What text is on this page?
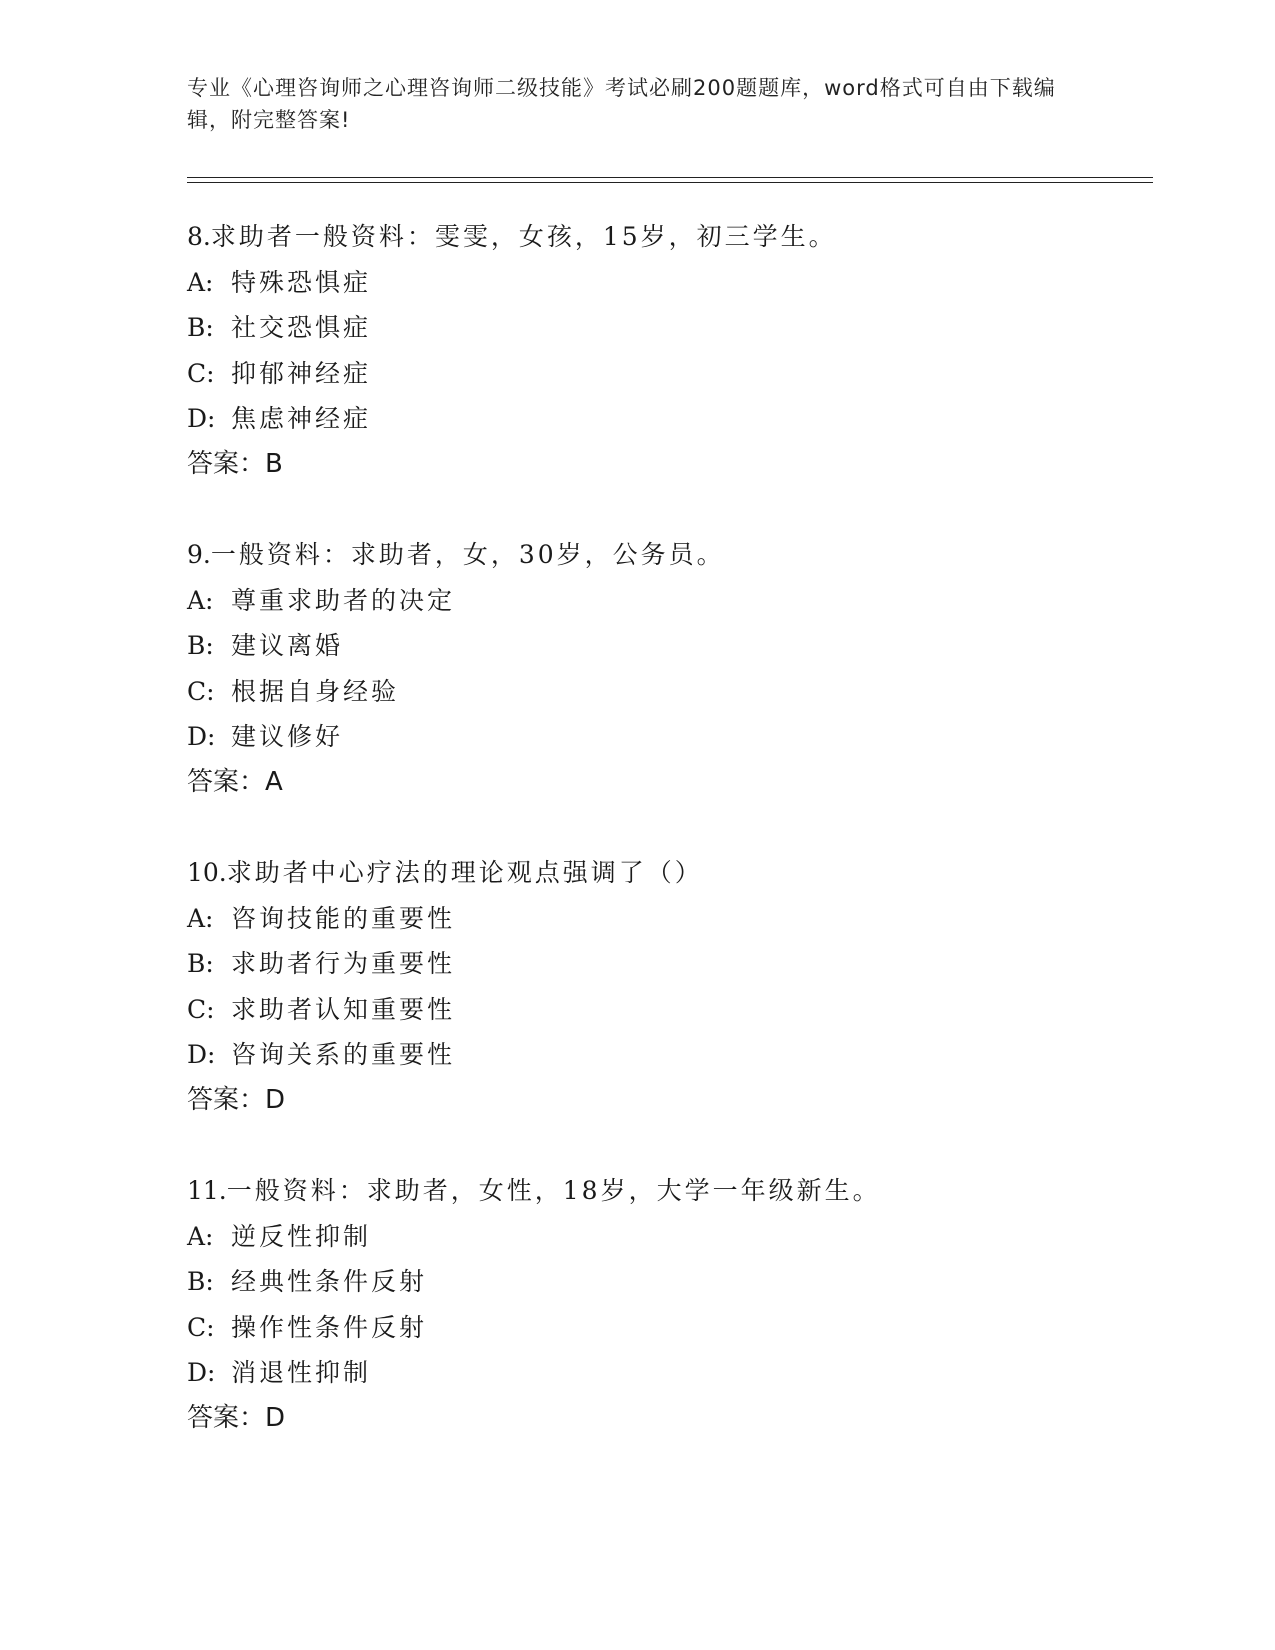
专业《心理咨询师之心理咨询师二级技能》考试必刷200题题库，word格式可自由下载编辑，附完整答案!
8.求助者一般资料：雯雯，女孩，15岁，初三学生。
A: 特殊恐惧症
B: 社交恐惧症
C: 抑郁神经症
D: 焦虑神经症
答案：B
9.一般资料：求助者，女，30岁，公务员。
A: 尊重求助者的决定
B: 建议离婚
C: 根据自身经验
D: 建议修好
答案：A
10.求助者中心疗法的理论观点强调了（）
A: 咨询技能的重要性
B: 求助者行为重要性
C: 求助者认知重要性
D: 咨询关系的重要性
答案：D
11.一般资料：求助者，女性，18岁，大学一年级新生。
A: 逆反性抑制
B: 经典性条件反射
C: 操作性条件反射
D: 消退性抑制
答案：D
